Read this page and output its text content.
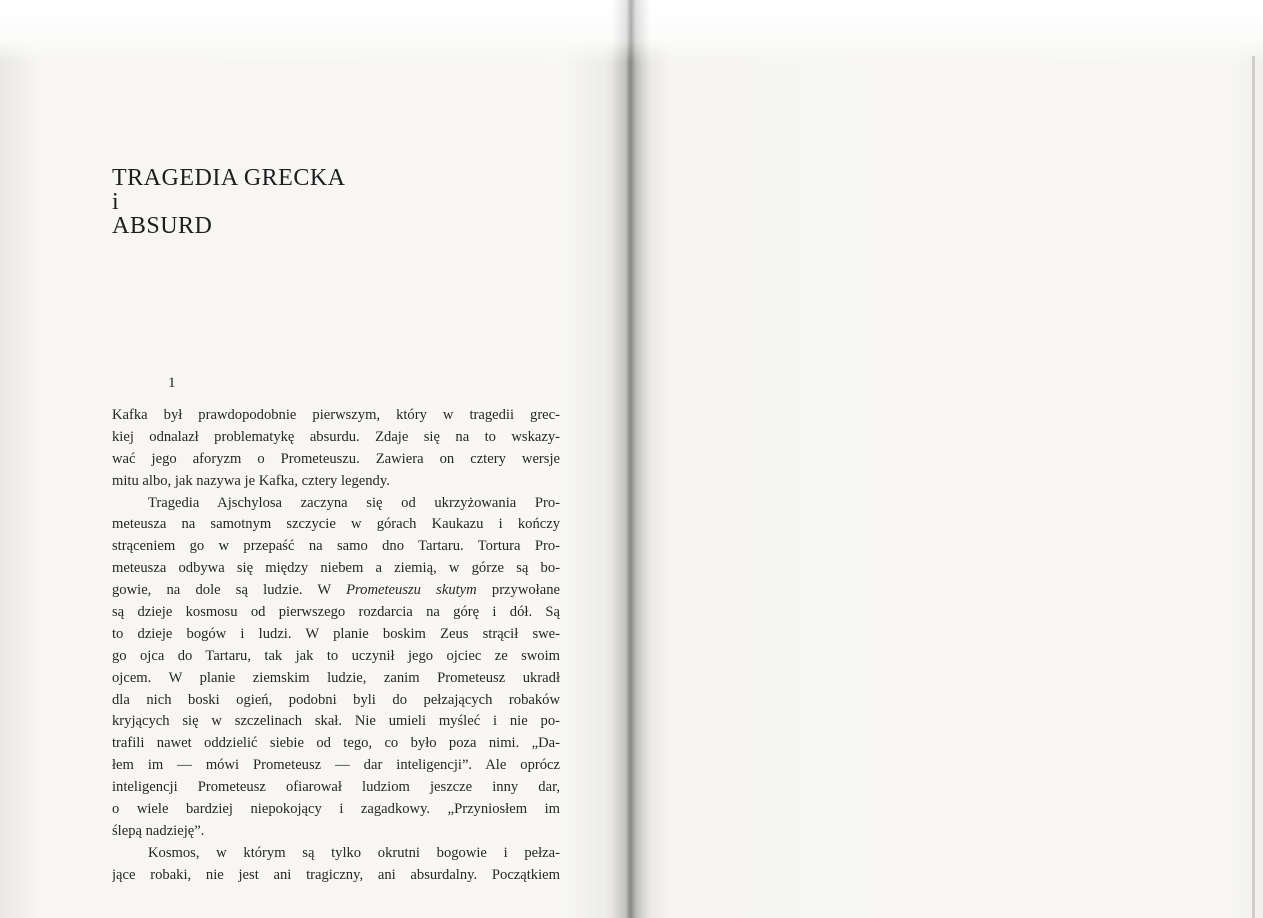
TRAGEDIA GRECKA
i
ABSURD
1
Kafka był prawdopodobnie pierwszym, który w tragedii grec-
kiej odnalazł problematykę absurdu. Zdaje się na to wskazy-
wać jego aforyzm o Prometeuszu. Zawiera on cztery wersje
mitu albo, jak nazywa je Kafka, cztery legendy.
Tragedia Ajschylosa zaczyna się od ukrzyżowania Pro-
meteusza na samotnym szczycie w górach Kaukazu i kończy
strąceniem go w przepaść na samo dno Tartaru. Tortura Pro-
meteusza odbywa się między niebem a ziemią, w górze są bo-
gowie, na dole są ludzie. W Prometeuszu skutym przywołane
są dzieje kosmosu od pierwszego rozdarcia na górę i dół. Są
to dzieje bogów i ludzi. W planie boskim Zeus strącił swe-
go ojca do Tartaru, tak jak to uczynił jego ojciec ze swoim
ojcem. W planie ziemskim ludzie, zanim Prometeusz ukradł
dla nich boski ogień, podobni byli do pełzających robaków
kryjących się w szczelinach skał. Nie umieli myśleć i nie po-
trafili nawet oddzielić siebie od tego, co było poza nimi. „Da-
łem im — mówi Prometeusz — dar inteligencji”. Ale oprócz
inteligencji Prometeusz ofiarował ludziom jeszcze inny dar,
o wiele bardziej niepokojący i zagadkowy. „Przyniosłem im
ślepą nadzieję”.
Kosmos, w którym są tylko okrutni bogowie i pełza-
jące robaki, nie jest ani tragiczny, ani absurdalny. Początkiem
